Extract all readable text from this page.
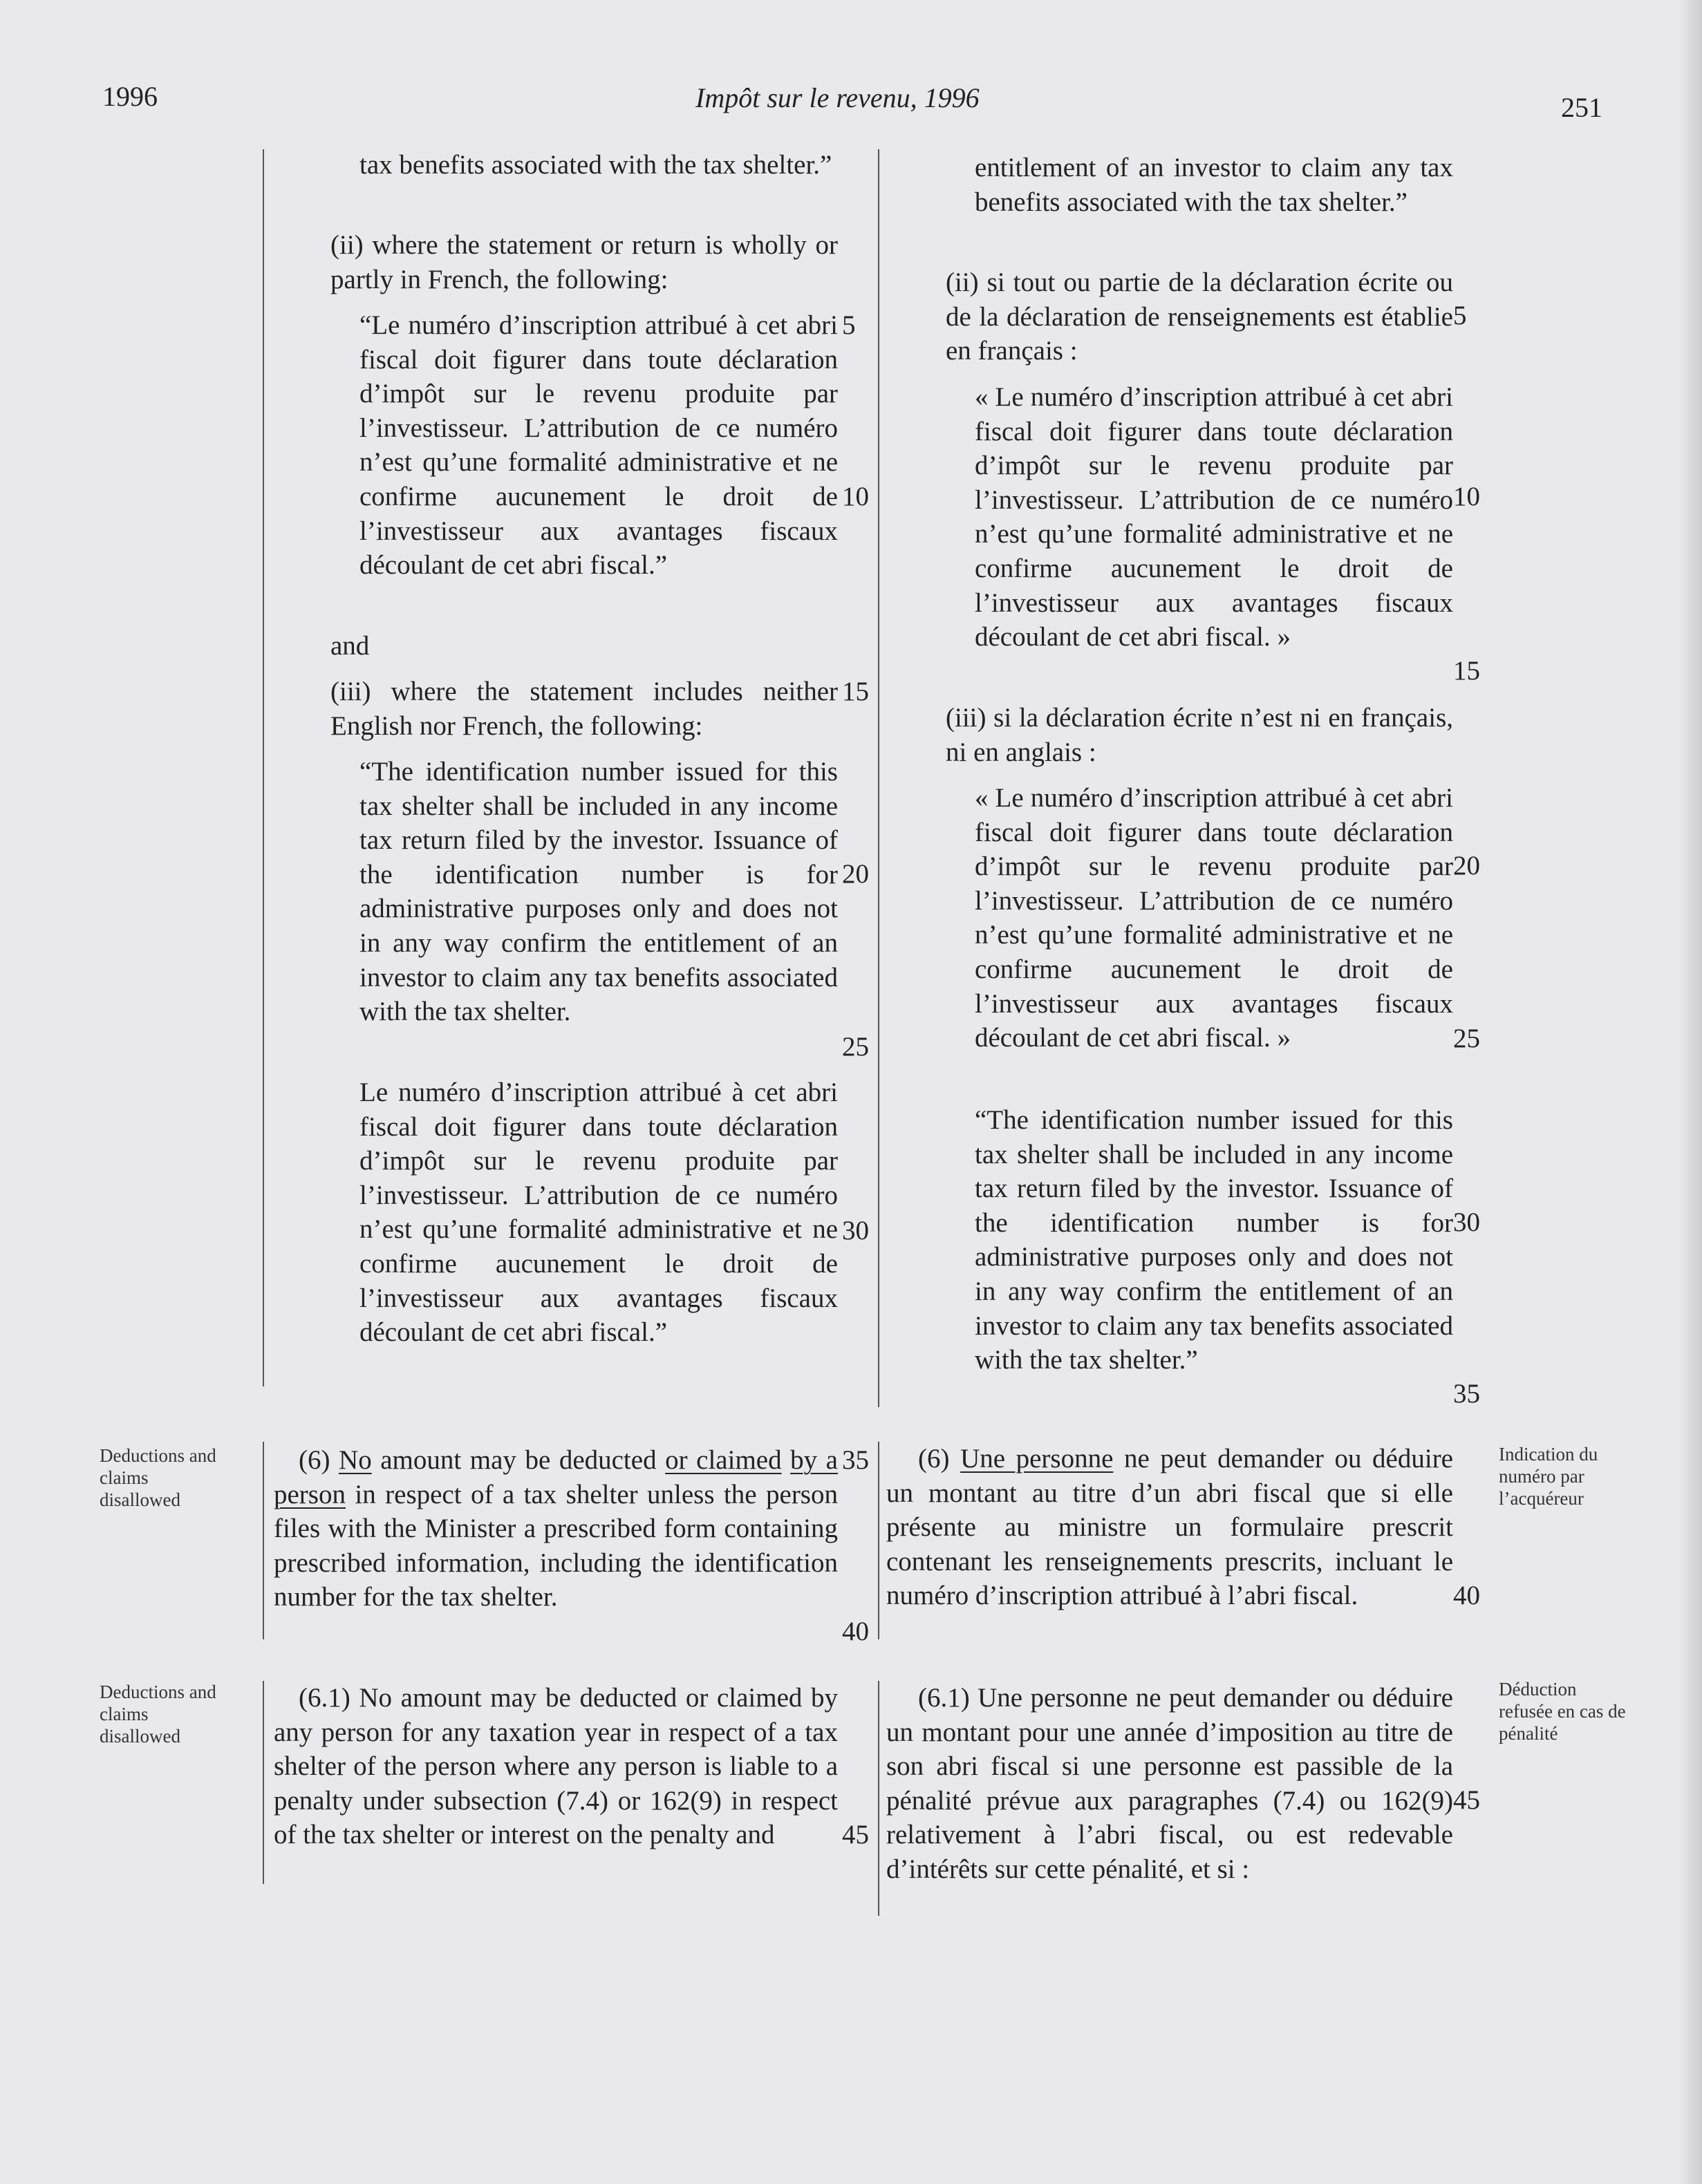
1996	Impôt sur le revenu, 1996	251

tax benefits associated with the tax shelter.”

(ii) where the statement or return is wholly or partly in French, the following:
“Le numéro d’inscription attribué à cet abri fiscal doit figurer dans toute déclaration d’impôt sur le revenu produite par l’investisseur. L’attribution de ce numéro n’est qu’une formalité administrative et ne confirme aucunement le droit de l’investisseur aux avantages fiscaux découlant de cet abri fiscal.”
and
(iii) where the statement includes neither English nor French, the following:
“The identification number issued for this tax shelter shall be included in any income tax return filed by the investor. Issuance of the identification number is for administrative purposes only and does not in any way confirm the entitlement of an investor to claim any tax benefits associated with the tax shelter.
Le numéro d’inscription attribué à cet abri fiscal doit figurer dans toute déclaration d’impôt sur le revenu produite par l’investisseur. L’attribution de ce numéro n’est qu’une formalité administrative et ne confirme aucunement le droit de l’investisseur aux avantages fiscaux découlant de cet abri fiscal.”
(6) No amount may be deducted or claimed by a person in respect of a tax shelter unless the person files with the Minister a prescribed form containing prescribed information, including the identification number for the tax shelter.
(6.1) No amount may be deducted or claimed by any person for any taxation year in respect of a tax shelter of the person where any person is liable to a penalty under subsection (7.4) or 162(9) in respect of the tax shelter or interest on the penalty and
entitlement of an investor to claim any tax benefits associated with the tax shelter.”
(ii) si tout ou partie de la déclaration écrite ou de la déclaration de renseignements est établie en français :
« Le numéro d’inscription attribué à cet abri fiscal doit figurer dans toute déclaration d’impôt sur le revenu produite par l’investisseur. L’attribution de ce numéro n’est qu’une formalité administrative et ne confirme aucunement le droit de l’investisseur aux avantages fiscaux découlant de cet abri fiscal. »
(iii) si la déclaration écrite n’est ni en français, ni en anglais :
« Le numéro d’inscription attribué à cet abri fiscal doit figurer dans toute déclaration d’impôt sur le revenu produite par l’investisseur. L’attribution de ce numéro n’est qu’une formalité administrative et ne confirme aucunement le droit de l’investisseur aux avantages fiscaux découlant de cet abri fiscal. »
“The identification number issued for this tax shelter shall be included in any income tax return filed by the investor. Issuance of the identification number is for administrative purposes only and does not in any way confirm the entitlement of an investor to claim any tax benefits associated with the tax shelter.”
(6) Une personne ne peut demander ou déduire un montant au titre d’un abri fiscal que si elle présente au ministre un formulaire prescrit contenant les renseignements prescrits, incluant le numéro d’inscription attribué à l’abri fiscal.
(6.1) Une personne ne peut demander ou déduire un montant pour une année d’imposition au titre de son abri fiscal si une personne est passible de la pénalité prévue aux paragraphes (7.4) ou 162(9) relativement à l’abri fiscal, ou est redevable d’intérêts sur cette pénalité, et si :
5
10
15
20
25
30
35
40
45
5
10
15
20
25
30
35
40
45
Deductions and claims disallowed
Deductions and claims disallowed
Indication du numéro par l’acquéreur
Déduction refusée en cas de pénalité
